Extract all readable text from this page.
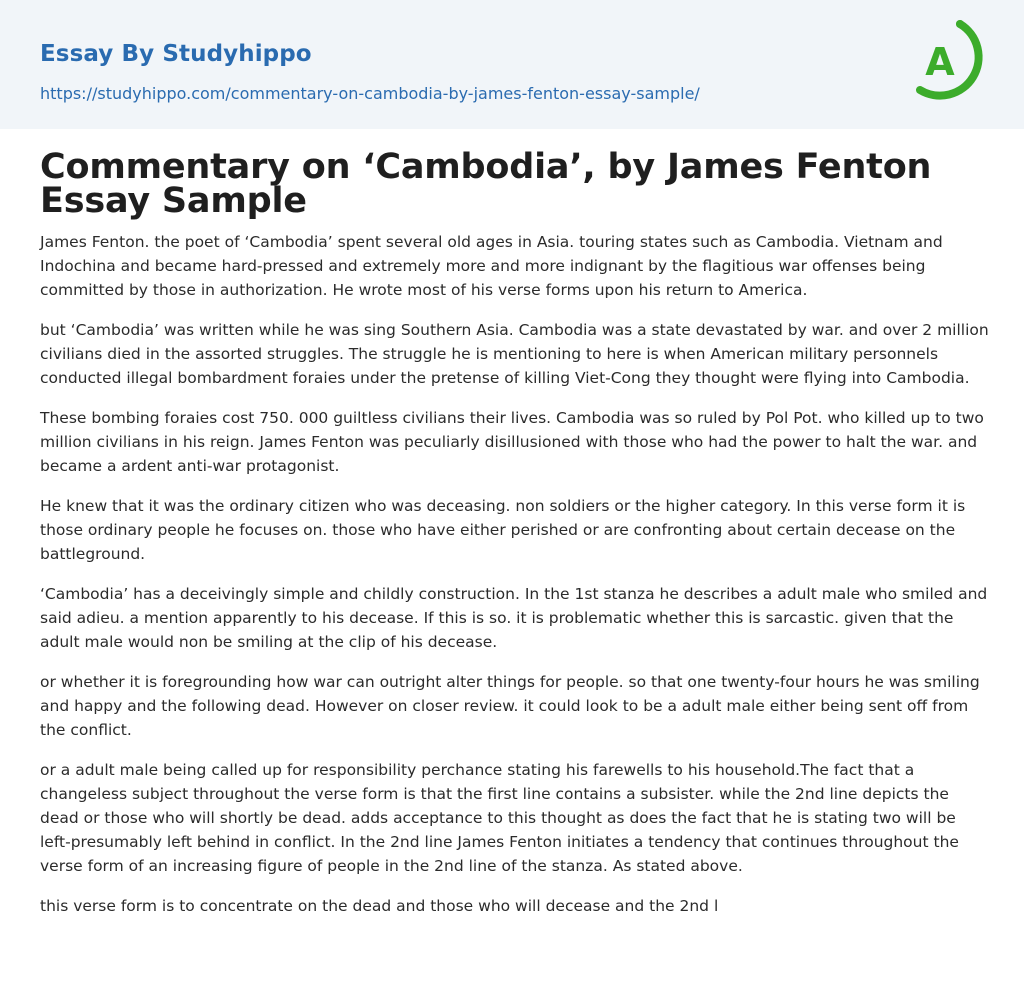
Essay By Studyhippo
https://studyhippo.com/commentary-on-cambodia-by-james-fenton-essay-sample/
A
Commentary on ‘Cambodia’, by James Fenton Essay Sample

James Fenton. the poet of ‘Cambodia’ spent several old ages in Asia. touring states such as Cambodia. Vietnam and Indochina and became hard-pressed and extremely more and more indignant by the flagitious war offenses being committed by those in authorization. He wrote most of his verse forms upon his return to America.

but ‘Cambodia’ was written while he was sing Southern Asia. Cambodia was a state devastated by war. and over 2 million civilians died in the assorted struggles. The struggle he is mentioning to here is when American military personnels conducted illegal bombardment foraies under the pretense of killing Viet-Cong they thought were flying into Cambodia.

These bombing foraies cost 750. 000 guiltless civilians their lives. Cambodia was so ruled by Pol Pot. who killed up to two million civilians in his reign. James Fenton was peculiarly disillusioned with those who had the power to halt the war. and became a ardent anti-war protagonist.

He knew that it was the ordinary citizen who was deceasing. non soldiers or the higher category. In this verse form it is those ordinary people he focuses on. those who have either perished or are confronting about certain decease on the battleground.

‘Cambodia’ has a deceivingly simple and childly construction. In the 1st stanza he describes a adult male who smiled and said adieu. a mention apparently to his decease. If this is so. it is problematic whether this is sarcastic. given that the adult male would non be smiling at the clip of his decease.

or whether it is foregrounding how war can outright alter things for people. so that one twenty-four hours he was smiling and happy and the following dead. However on closer review. it could look to be a adult male either being sent off from the conflict.

or a adult male being called up for responsibility perchance stating his farewells to his household.The fact that a changeless subject throughout the verse form is that the first line contains a subsister. while the 2nd line depicts the dead or those who will shortly be dead. adds acceptance to this thought as does the fact that he is stating two will be left-presumably left behind in conflict. In the 2nd line James Fenton initiates a tendency that continues throughout the verse form of an increasing figure of people in the 2nd line of the stanza. As stated above.

this verse form is to concentrate on the dead and those who will decease and the 2nd l
